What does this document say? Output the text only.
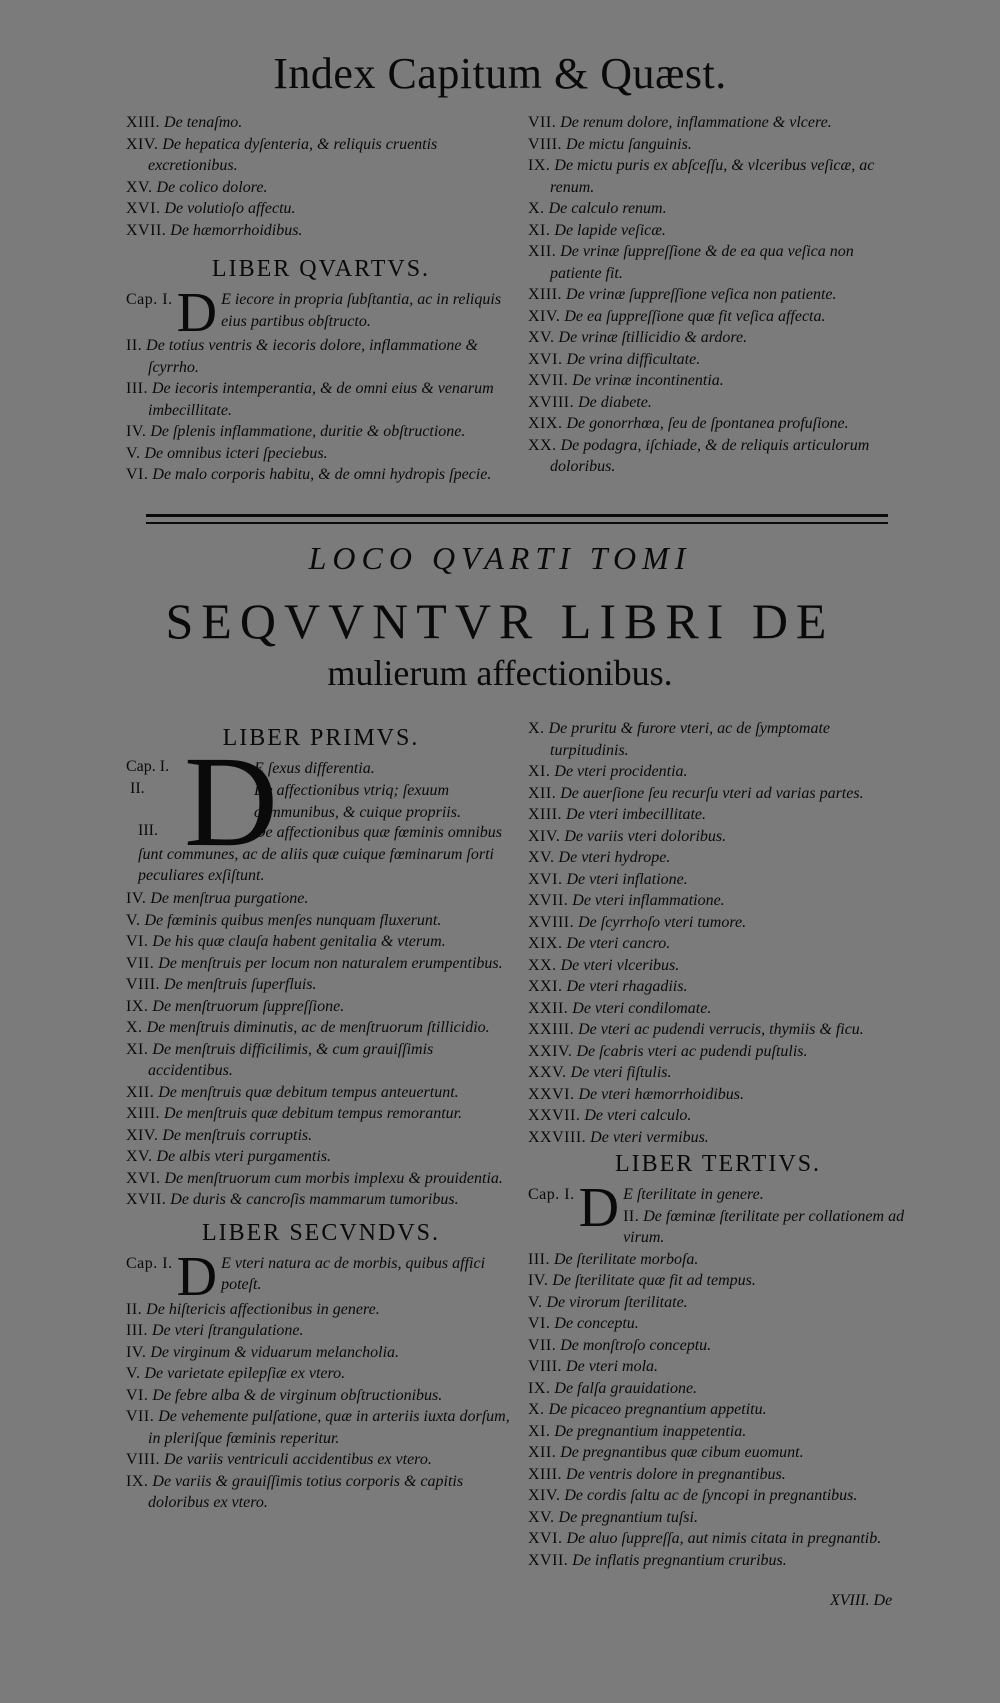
Index Capitum & Quæst.

XIII. De tenaſmo.

XIV. De hepatica dyſenteria, & reliquis cruentis excretionibus.

XV. De colico dolore.

XVI. De volutioſo affectu.

XVII. De hæmorrhoidibus.

LIBER QVARTVS.

Cap. I. D E iecore in propria ſubſtantia, ac in reliquis eius partibus obſtructo.

II. De totius ventris & iecoris dolore, inflammatione & ſcyrrho.

III. De iecoris intemperantia, & de omni eius & venarum imbecillitate.

IV. De ſplenis inflammatione, duritie & obſtructione.

V. De omnibus icteri ſpeciebus.

VI. De malo corporis habitu, & de omni hydropis ſpecie.

VII. De renum dolore, inflammatione & vlcere.

VIII. De mictu ſanguinis.

IX. De mictu puris ex abſceſſu, & vlceribus veſicæ, ac renum.

X. De calculo renum.

XI. De lapide veſicæ.

XII. De vrinæ ſuppreſſione & de ea qua veſica non patiente fit.

XIII. De vrinæ ſuppreſſione veſica non patiente.

XIV. De ea ſuppreſſione quæ fit veſica affecta.

XV. De vrinæ ſtillicidio & ardore.

XVI. De vrina difficultate.

XVII. De vrinæ incontinentia.

XVIII. De diabete.

XIX. De gonorrhœa, ſeu de ſpontanea profuſione.

XX. De podagra, iſchiade, & de reliquis articulorum doloribus.

LOCO QVARTI TOMI
SEQVVNTVR LIBRI DE
mulierum affectionibus.
LIBER PRIMVS.
Cap. I.
II.
III. D
E ſexus differentia.
De affectionibus vtriq; ſexuum communibus, & cuique propriis.
De affectionibus quæ fœminis omnibus ſunt communes, ac de aliis quæ cuique fœminarum ſorti peculiares exſiſtunt.

IV. De menſtrua purgatione.

V. De fœminis quibus menſes nunquam fluxerunt.

VI. De his quæ clauſa habent genitalia & vterum.

VII. De menſtruis per locum non naturalem erumpentibus.

VIII. De menſtruis ſuperfluis.

IX. De menſtruorum ſuppreſſione.

X. De menſtruis diminutis, ac de menſtruorum ſtillicidio.

XI. De menſtruis difficilimis, & cum grauiſſimis accidentibus.

XII. De menſtruis quæ debitum tempus anteuertunt.

XIII. De menſtruis quæ debitum tempus remorantur.

XIV. De menſtruis corruptis.

XV. De albis vteri purgamentis.

XVI. De menſtruorum cum morbis implexu & prouidentia.

XVII. De duris & cancroſis mammarum tumoribus.

LIBER SECVNDVS.

Cap. I. D E vteri natura ac de morbis, quibus affici poteſt.

II. De hiſtericis affectionibus in genere.

III. De vteri ſtrangulatione.

IV. De virginum & viduarum melancholia.

V. De varietate epilepſiæ ex vtero.

VI. De febre alba & de virginum obſtructionibus.

VII. De vehemente pulſatione, quæ in arteriis iuxta dorſum, in pleriſque fœminis reperitur.

VIII. De variis ventriculi accidentibus ex vtero.

IX. De variis & grauiſſimis totius corporis & capitis doloribus ex vtero.

X. De pruritu & furore vteri, ac de ſymptomate turpitudinis.

XI. De vteri procidentia.

XII. De auerſione ſeu recurſu vteri ad varias partes.

XIII. De vteri imbecillitate.

XIV. De variis vteri doloribus.

XV. De vteri hydrope.

XVI. De vteri inflatione.

XVII. De vteri inflammatione.

XVIII. De ſcyrrhoſo vteri tumore.

XIX. De vteri cancro.

XX. De vteri vlceribus.

XXI. De vteri rhagadiis.

XXII. De vteri condilomate.

XXIII. De vteri ac pudendi verrucis, thymiis & ficu.

XXIV. De ſcabris vteri ac pudendi puſtulis.

XXV. De vteri fiſtulis.

XXVI. De vteri hæmorrhoidibus.

XXVII. De vteri calculo.

XXVIII. De vteri vermibus.

LIBER TERTIVS.

Cap. I. D E ſterilitate in genere.
II. De fœminæ ſterilitate per collationem ad virum.

III. De ſterilitate morboſa.

IV. De ſterilitate quæ fit ad tempus.

V. De virorum ſterilitate.

VI. De conceptu.

VII. De monſtroſo conceptu.

VIII. De vteri mola.

IX. De falſa grauidatione.

X. De picaceo pregnantium appetitu.

XI. De pregnantium inappetentia.

XII. De pregnantibus quæ cibum euomunt.

XIII. De ventris dolore in pregnantibus.

XIV. De cordis ſaltu ac de ſyncopi in pregnantibus.

XV. De pregnantium tuſsi.

XVI. De aluo ſuppreſſa, aut nimis citata in pregnantib.

XVII. De inflatis pregnantium cruribus.

XVIII. De
